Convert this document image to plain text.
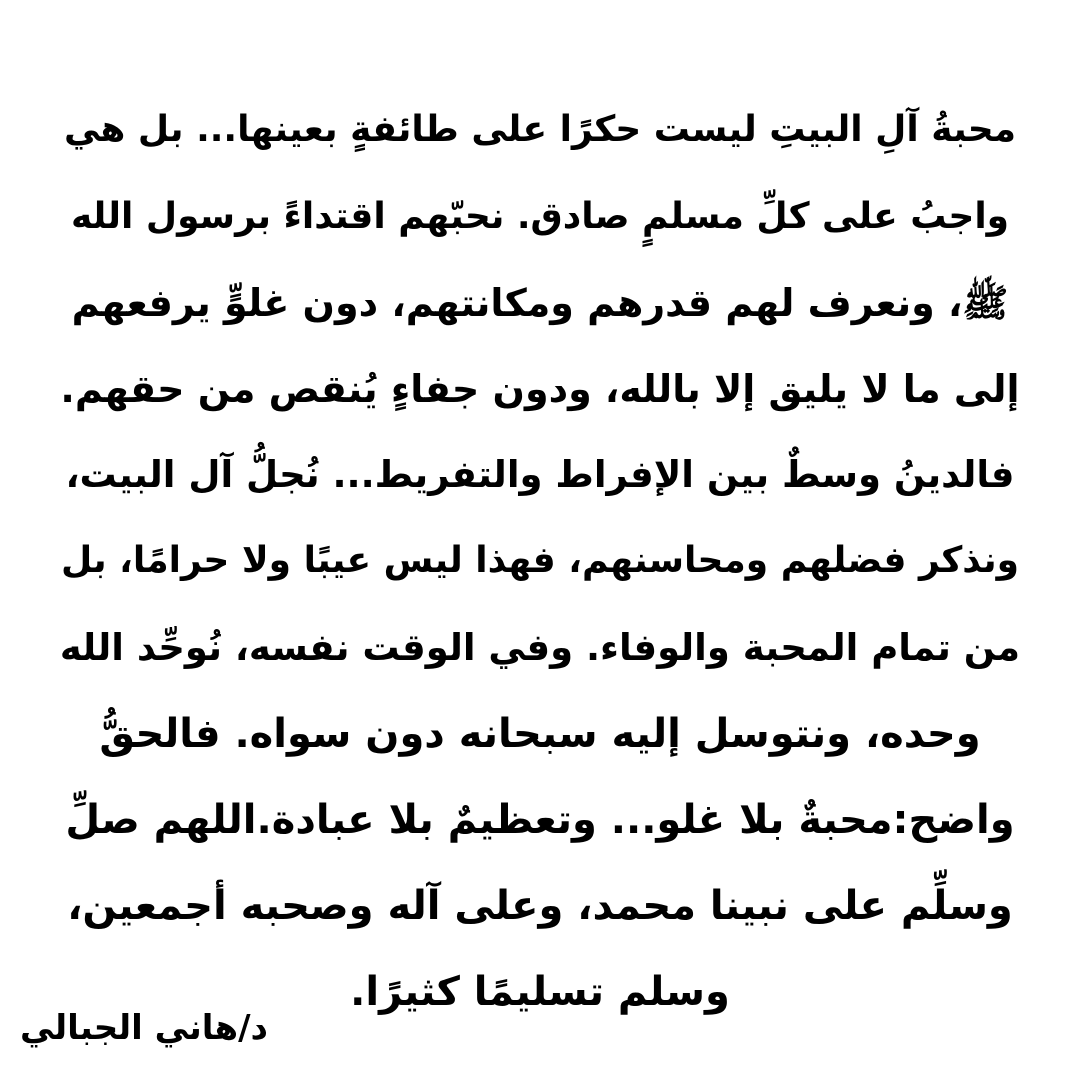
محبةُ آلِ البيتِ ليست حكرًا على طائفةٍ بعينها... بل هي
واجبُ على كلِّ مسلمٍ صادق. نحبّهم اقتداءً برسول الله
ﷺ، ونعرف لهم قدرهم ومكانتهم، دون غلوٍّ يرفعهم
إلى ما لا يليق إلا بالله، ودون جفاءٍ يُنقص من حقهم.
فالدينُ وسطٌ بين الإفراط والتفريط... نُجلُّ آل البيت،
ونذكر فضلهم ومحاسنهم، فهذا ليس عيبًا ولا حرامًا، بل
من تمام المحبة والوفاء. وفي الوقت نفسه، نُوحِّد الله
وحده، ونتوسل إليه سبحانه دون سواه. فالحقُّ
واضح:محبةٌ بلا غلو... وتعظيمٌ بلا عبادة.اللهم صلِّ
وسلِّم على نبينا محمد، وعلى آله وصحبه أجمعين،
وسلم تسليمًا كثيرًا.
د/هاني الجبالي
